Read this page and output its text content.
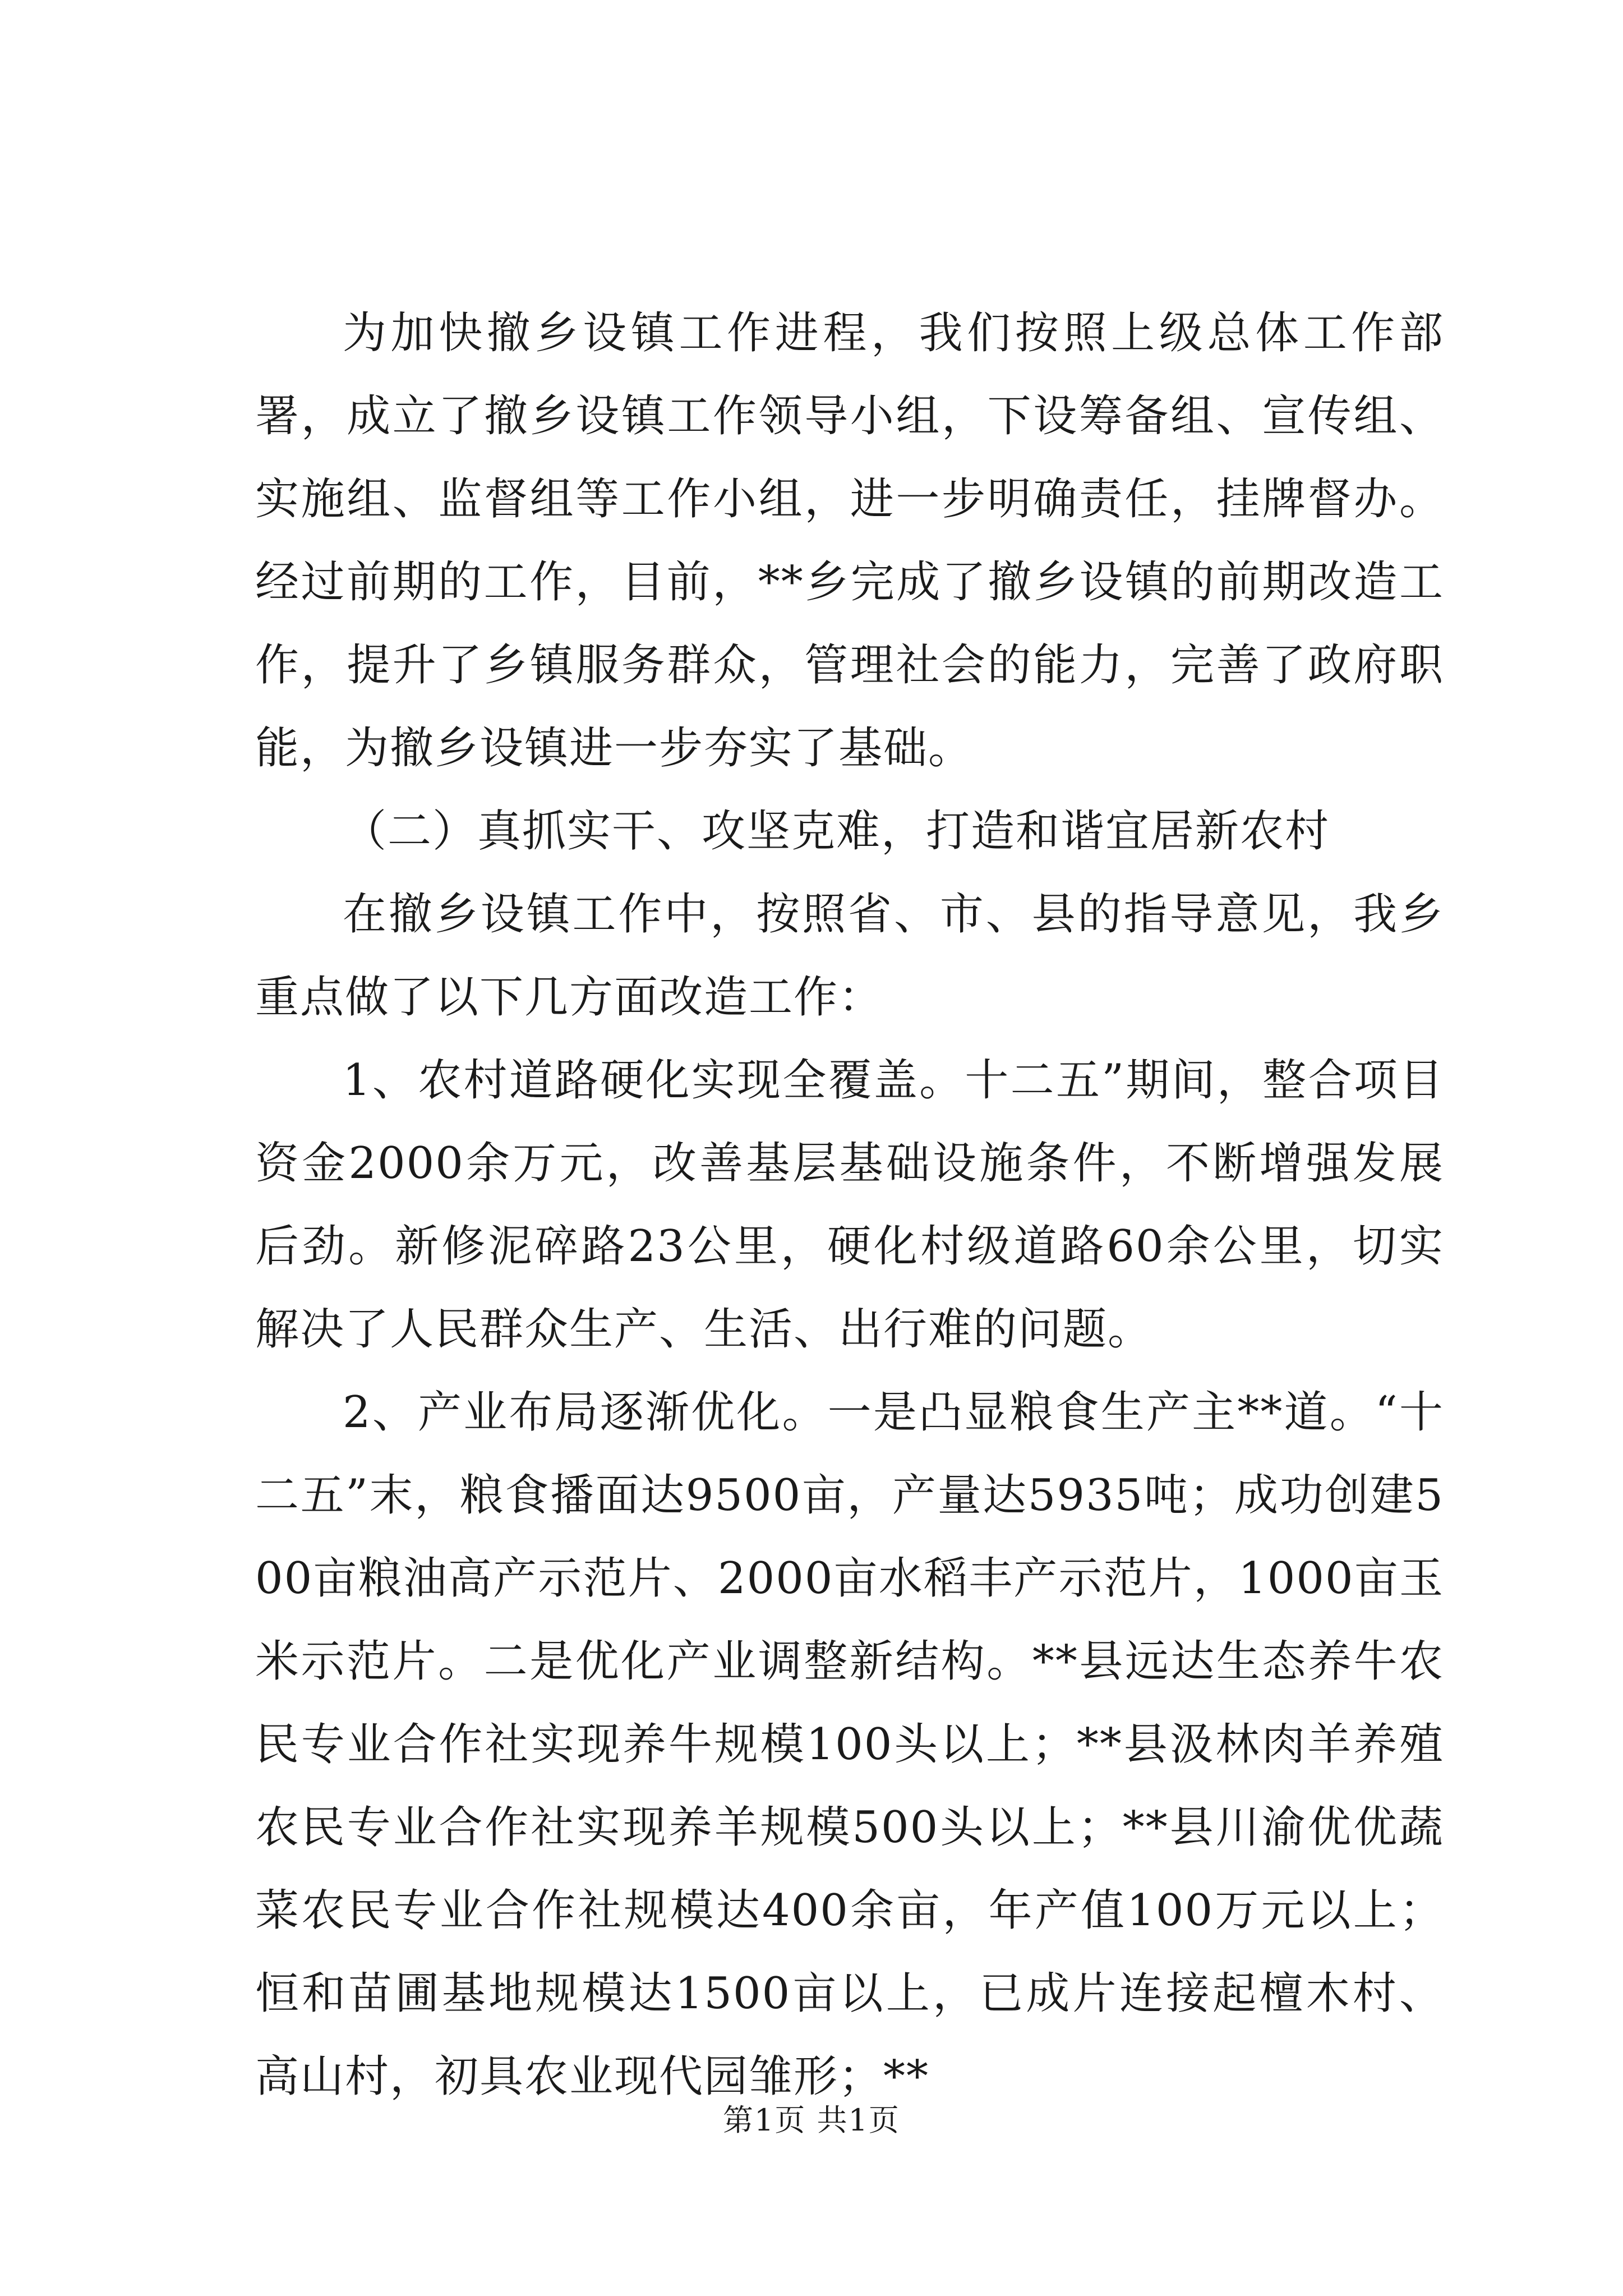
为加快撤乡设镇工作进程，我们按照上级总体工作部署，成立了撤乡设镇工作领导小组，下设筹备组、宣传组、实施组、监督组等工作小组，进一步明确责任，挂牌督办。经过前期的工作，目前，**乡完成了撤乡设镇的前期改造工作，提升了乡镇服务群众，管理社会的能力，完善了政府职能，为撤乡设镇进一步夯实了基础。

（二）真抓实干、攻坚克难，打造和谐宜居新农村

在撤乡设镇工作中，按照省、市、县的指导意见，我乡重点做了以下几方面改造工作：

1、农村道路硬化实现全覆盖。十二五”期间，整合项目资金2000余万元，改善基层基础设施条件，不断增强发展后劲。新修泥碎路23公里，硬化村级道路60余公里，切实解决了人民群众生产、生活、出行难的问题。

2、产业布局逐渐优化。一是凸显粮食生产主**道。“十二五”末，粮食播面达9500亩，产量达5935吨；成功创建500亩粮油高产示范片、2000亩水稻丰产示范片，1000亩玉米示范片。二是优化产业调整新结构。**县远达生态养牛农民专业合作社实现养牛规模100头以上；**县汲林肉羊养殖农民专业合作社实现养羊规模500头以上；**县川渝优优蔬菜农民专业合作社规模达400余亩，年产值100万元以上；恒和苗圃基地规模达1500亩以上，已成片连接起檀木村、高山村，初具农业现代园雏形；**

第1页 共1页
